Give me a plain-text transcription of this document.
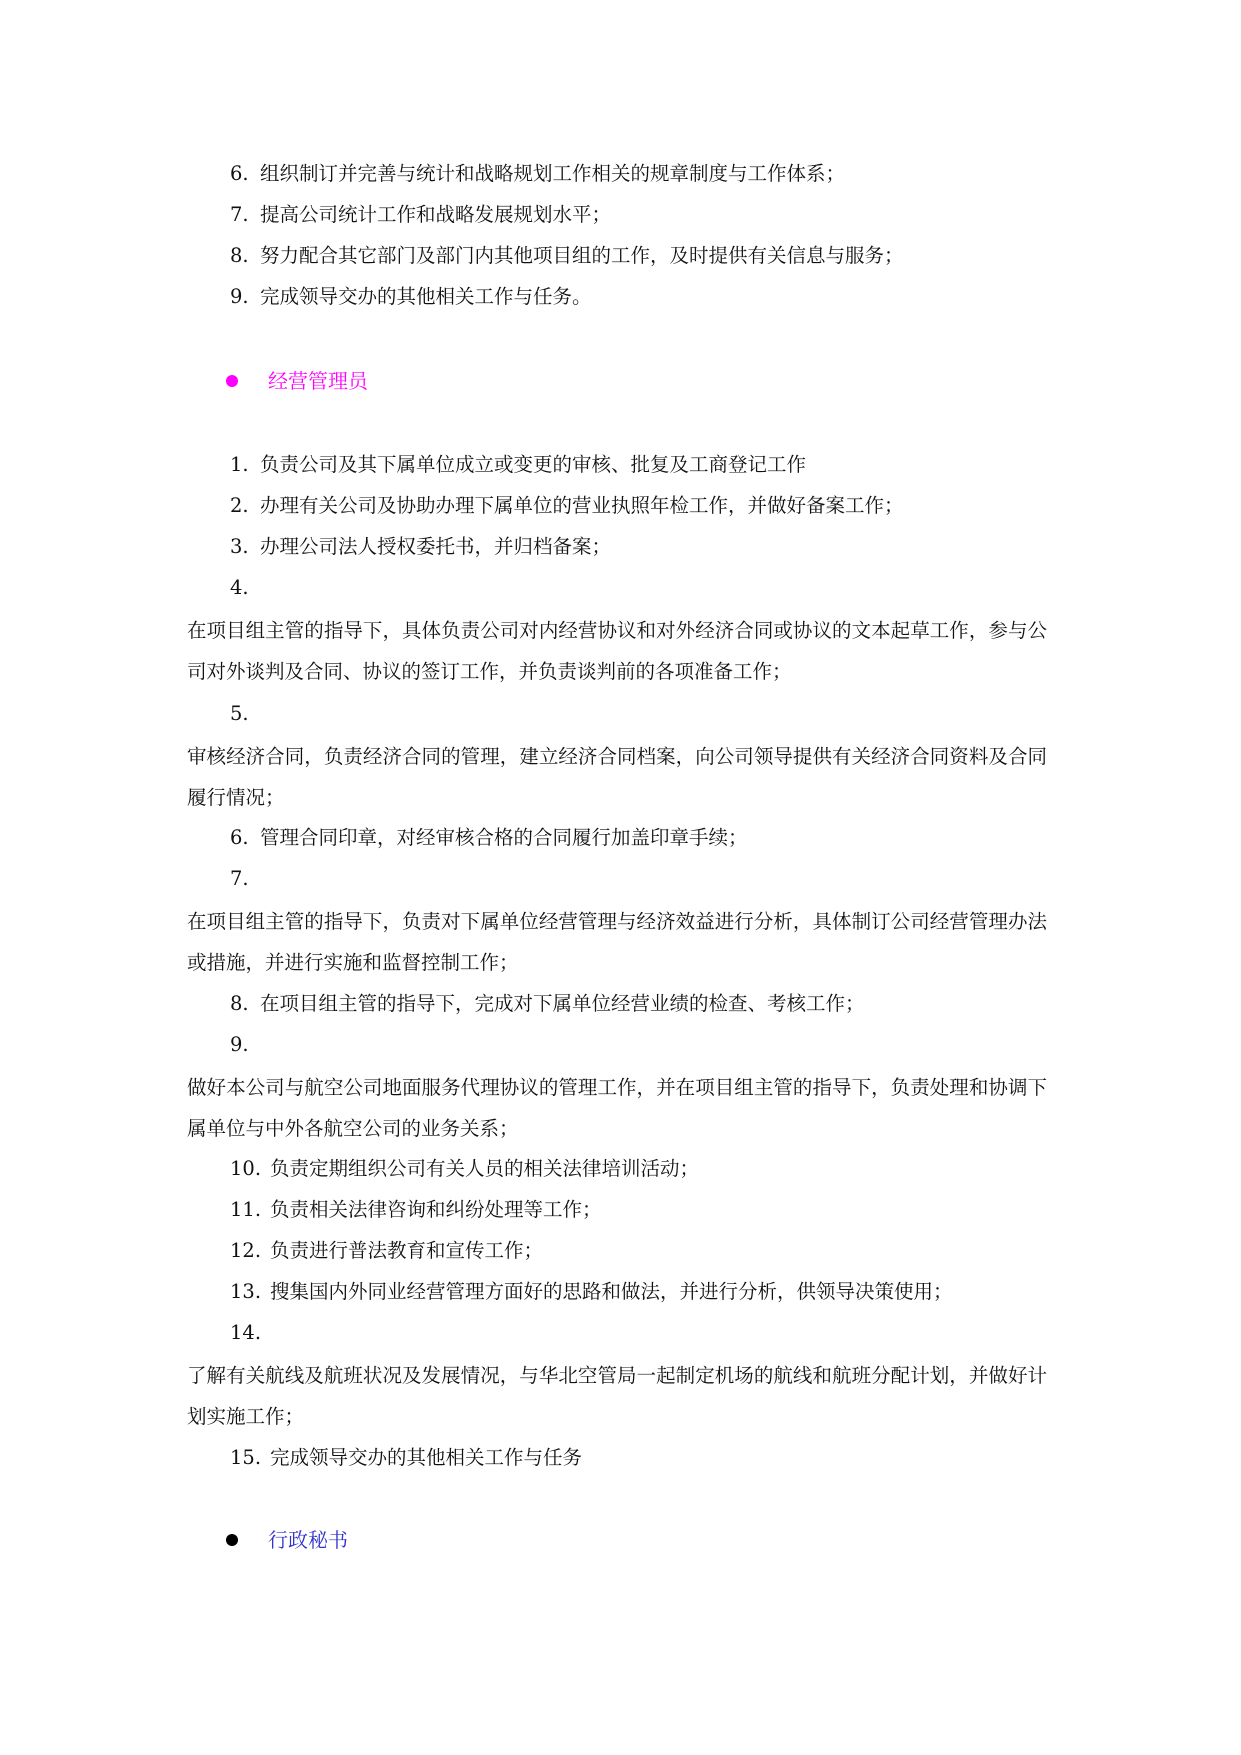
6. 组织制订并完善与统计和战略规划工作相关的规章制度与工作体系；
7. 提高公司统计工作和战略发展规划水平；
8. 努力配合其它部门及部门内其他项目组的工作，及时提供有关信息与服务；
9. 完成领导交办的其他相关工作与任务。
经营管理员
1. 负责公司及其下属单位成立或变更的审核、批复及工商登记工作
2. 办理有关公司及协助办理下属单位的营业执照年检工作，并做好备案工作；
3. 办理公司法人授权委托书，并归档备案；
4.
在项目组主管的指导下，具体负责公司对内经营协议和对外经济合同或协议的文本起草工作，参与公司对外谈判及合同、协议的签订工作，并负责谈判前的各项准备工作；
5.
审核经济合同，负责经济合同的管理，建立经济合同档案，向公司领导提供有关经济合同资料及合同履行情况；
6. 管理合同印章，对经审核合格的合同履行加盖印章手续；
7.
在项目组主管的指导下，负责对下属单位经营管理与经济效益进行分析，具体制订公司经营管理办法或措施，并进行实施和监督控制工作；
8. 在项目组主管的指导下，完成对下属单位经营业绩的检查、考核工作；
9.
做好本公司与航空公司地面服务代理协议的管理工作，并在项目组主管的指导下，负责处理和协调下属单位与中外各航空公司的业务关系；
10. 负责定期组织公司有关人员的相关法律培训活动；
11. 负责相关法律咨询和纠纷处理等工作；
12. 负责进行普法教育和宣传工作；
13. 搜集国内外同业经营管理方面好的思路和做法，并进行分析，供领导决策使用；
14.
了解有关航线及航班状况及发展情况，与华北空管局一起制定机场的航线和航班分配计划，并做好计划实施工作；
15. 完成领导交办的其他相关工作与任务
行政秘书
